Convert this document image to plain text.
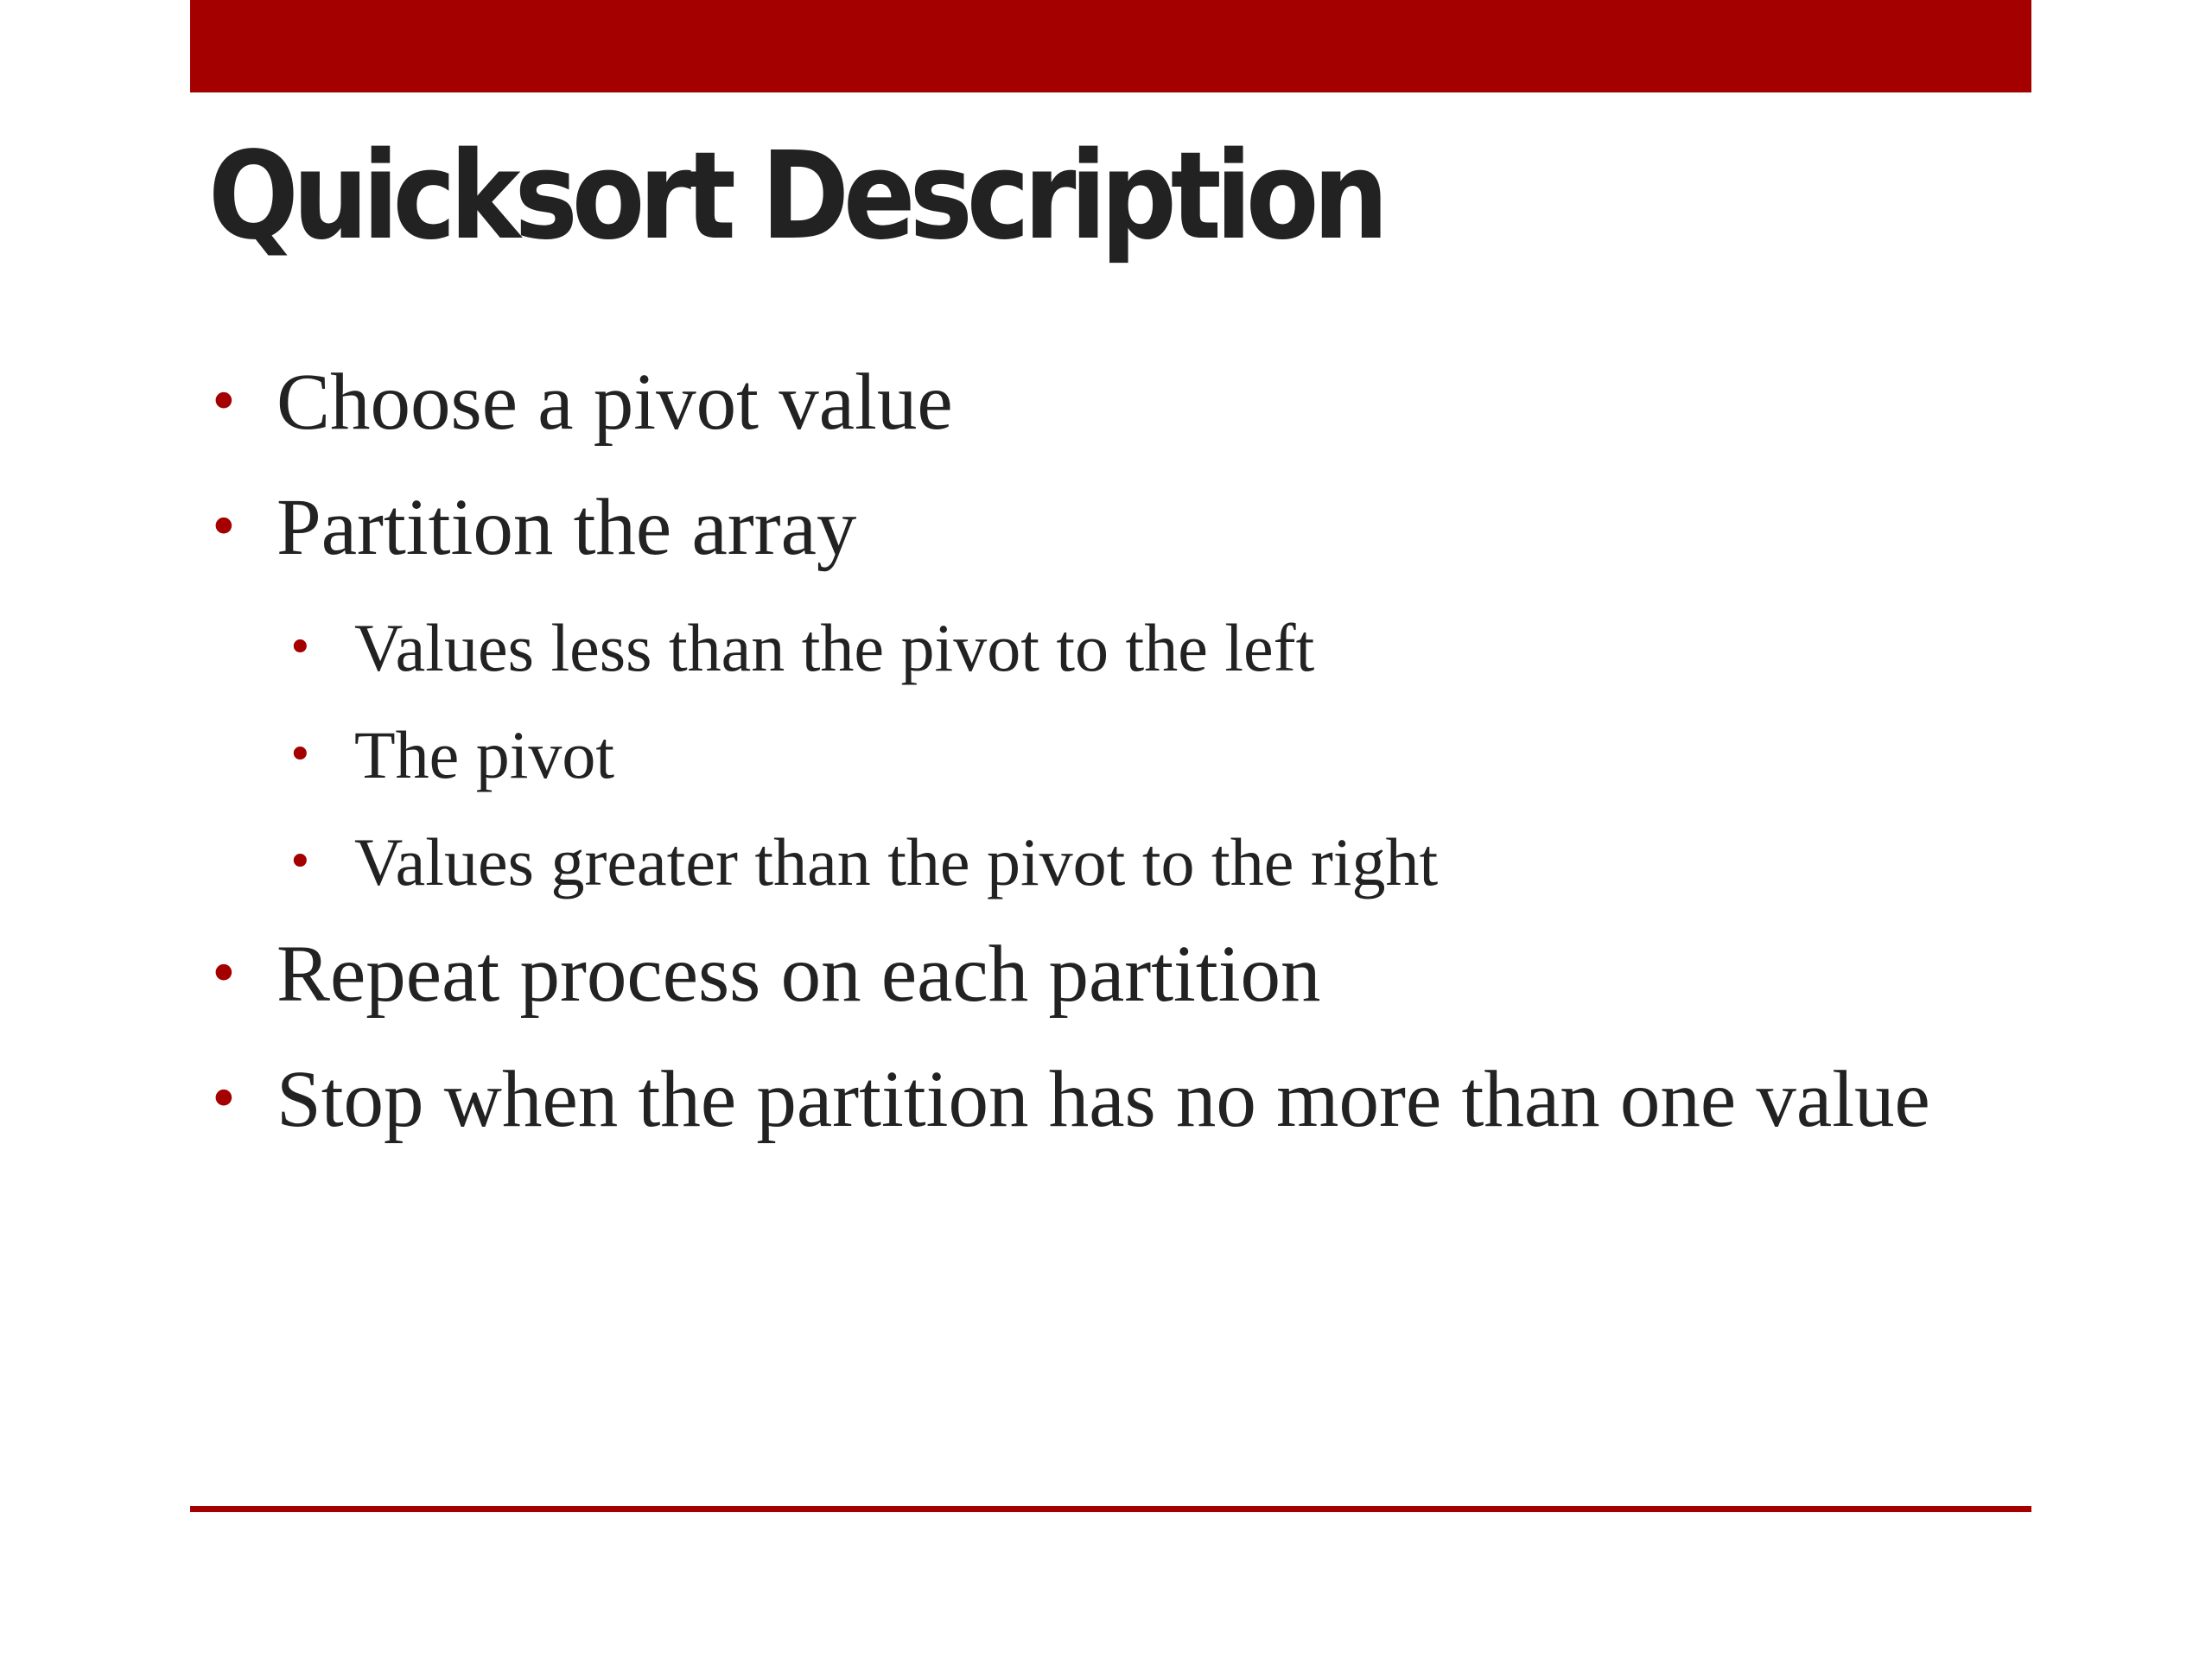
Quicksort Description
• Choose a pivot value
• Partition the array
• Values less than the pivot to the left
• The pivot
• Values greater than the pivot to the right
• Repeat process on each partition
• Stop when the partition has no more than one value
